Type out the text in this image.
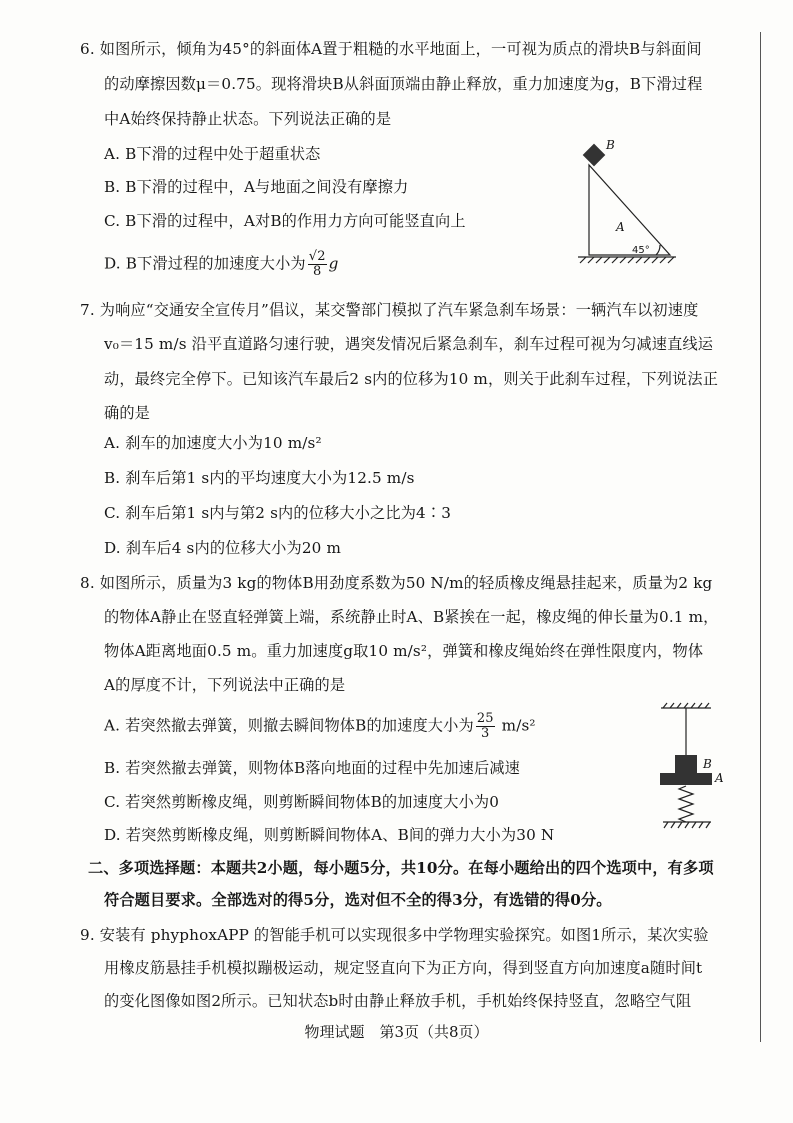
6. 如图所示，倾角为45°的斜面体A置于粗糙的水平地面上，一可视为质点的滑块B与斜面间
的动摩擦因数μ＝0.75。现将滑块B从斜面顶端由静止释放，重力加速度为g，B下滑过程
中A始终保持静止状态。下列说法正确的是
A. B下滑的过程中处于超重状态
B. B下滑的过程中，A与地面之间没有摩擦力
C. B下滑的过程中，A对B的作用力方向可能竖直向上
D. B下滑过程的加速度大小为 $\frac{√2}{8}$ g
B
A
45°
7. 为响应“交通安全宣传月”倡议，某交警部门模拟了汽车紧急刹车场景：一辆汽车以初速度
v₀＝15 m/s 沿平直道路匀速行驶，遇突发情况后紧急刹车，刹车过程可视为匀减速直线运
动，最终完全停下。已知该汽车最后2 s内的位移为10 m，则关于此刹车过程，下列说法正
确的是
A. 刹车的加速度大小为10 m/s²
B. 刹车后第1 s内的平均速度大小为12.5 m/s
C. 刹车后第1 s内与第2 s内的位移大小之比为4∶3
D. 刹车后4 s内的位移大小为20 m
8. 如图所示，质量为3 kg的物体B用劲度系数为50 N/m的轻质橡皮绳悬挂起来，质量为2 kg
的物体A静止在竖直轻弹簧上端，系统静止时A、B紧挨在一起，橡皮绳的伸长量为0.1 m，
物体A距离地面0.5 m。重力加速度g取10 m/s²，弹簧和橡皮绳始终在弹性限度内，物体
A的厚度不计，下列说法中正确的是
A. 若突然撤去弹簧，则撤去瞬间物体B的加速度大小为 $\frac{25}{3} m/s^2$
B. 若突然撤去弹簧，则物体B落向地面的过程中先加速后减速
C. 若突然剪断橡皮绳，则剪断瞬间物体B的加速度大小为0
D. 若突然剪断橡皮绳，则剪断瞬间物体A、B间的弹力大小为30 N
B
A
二、多项选择题：本题共2小题，每小题5分，共10分。在每小题给出的四个选项中，有多项
符合题目要求。全部选对的得5分，选对但不全的得3分，有选错的得0分。
9. 安装有 phyphoxAPP 的智能手机可以实现很多中学物理实验探究。如图1所示，某次实验
用橡皮筋悬挂手机模拟蹦极运动，规定竖直向下为正方向，得到竖直方向加速度a随时间t
的变化图像如图2所示。已知状态b时由静止释放手机，手机始终保持竖直，忽略空气阻
物理试题　第3页（共8页）
